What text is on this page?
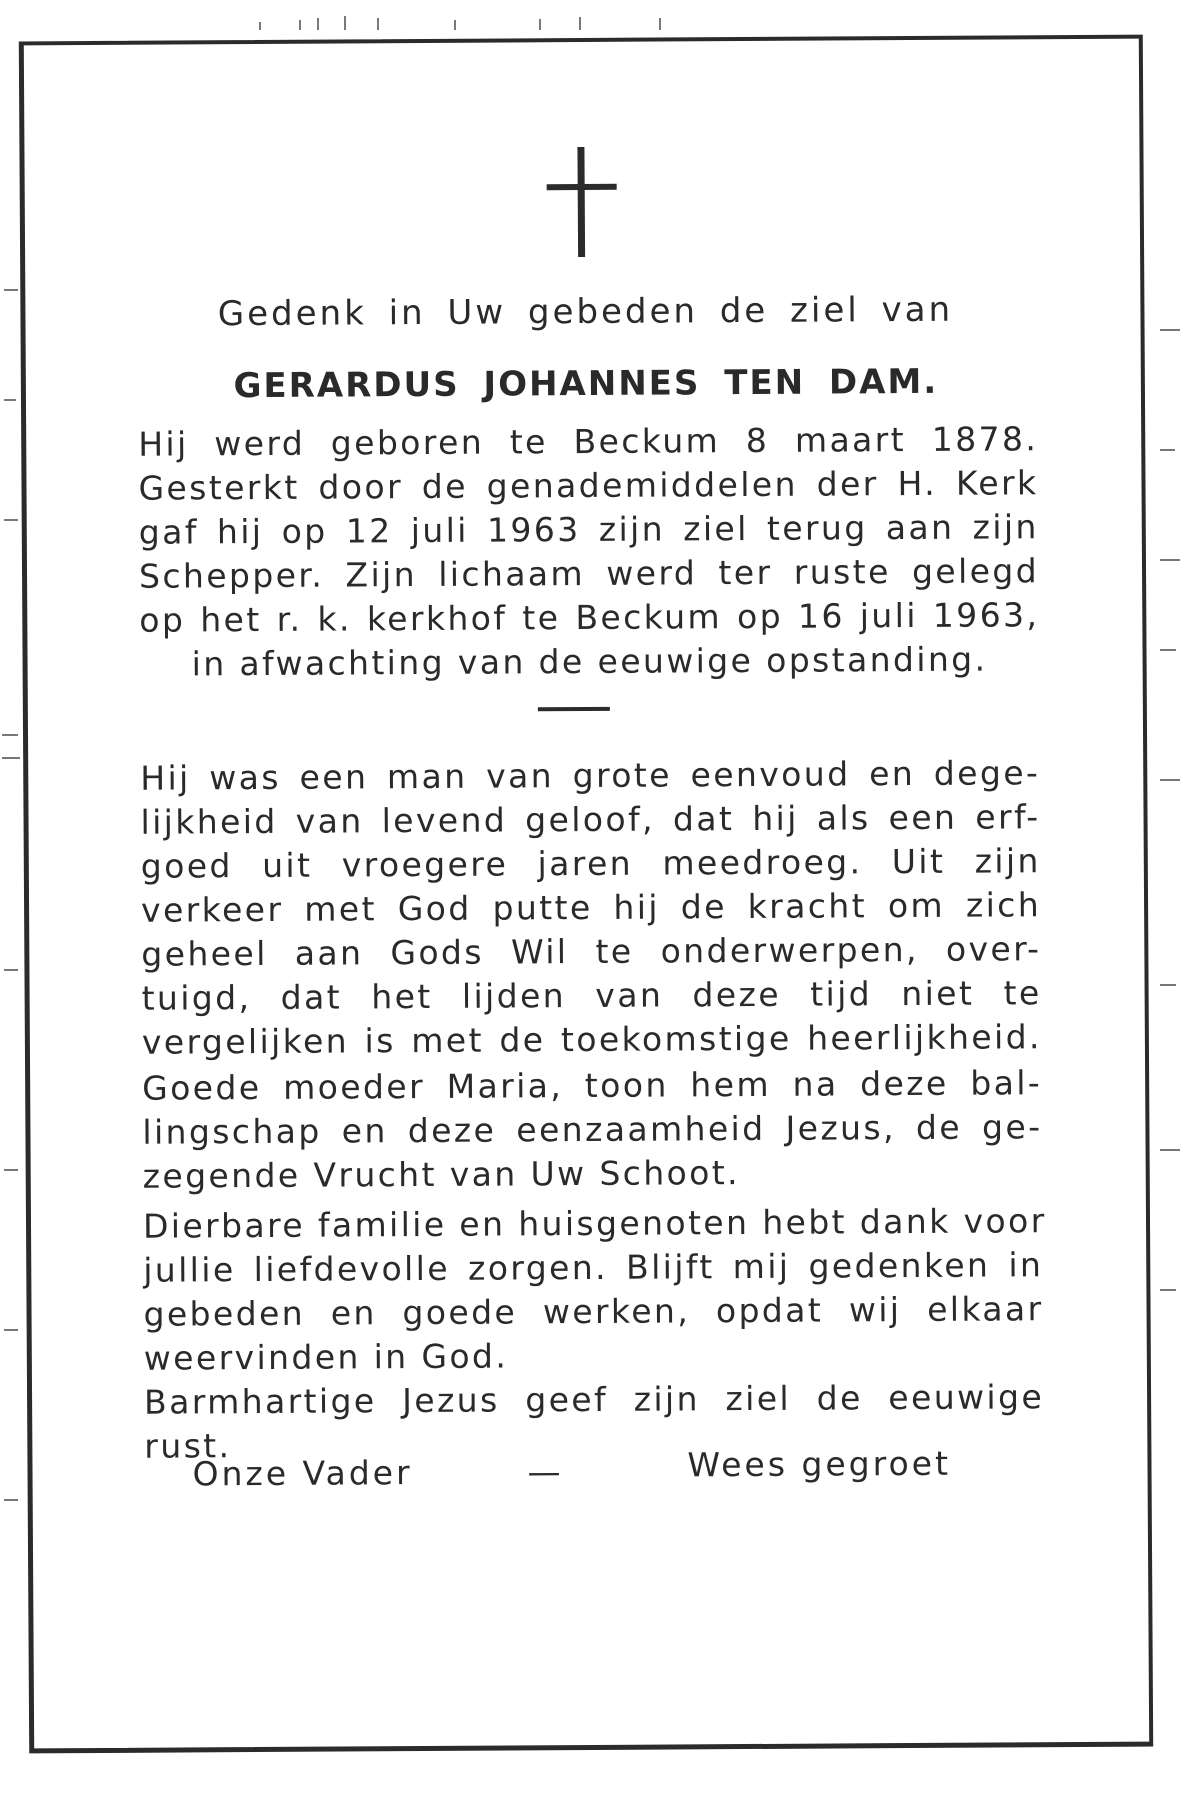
Gedenk in Uw gebeden de ziel van
GERARDUS JOHANNES TEN DAM.
Hij werd geboren te Beckum 8 maart 1878.
Gesterkt door de genademiddelen der H. Kerk
gaf hij op 12 juli 1963 zijn ziel terug aan zijn
Schepper. Zijn lichaam werd ter ruste gelegd
op het r. k. kerkhof te Beckum op 16 juli 1963,
in afwachting van de eeuwige opstanding.
Hij was een man van grote eenvoud en dege-
lijkheid van levend geloof, dat hij als een erf-
goed uit vroegere jaren meedroeg. Uit zijn
verkeer met God putte hij de kracht om zich
geheel aan Gods Wil te onderwerpen, over-
tuigd, dat het lijden van deze tijd niet te
vergelijken is met de toekomstige heerlijkheid.
Goede moeder Maria, toon hem na deze bal-
lingschap en deze eenzaamheid Jezus, de ge-
zegende Vrucht van Uw Schoot.
Dierbare familie en huisgenoten hebt dank voor
jullie liefdevolle zorgen. Blijft mij gedenken in
gebeden en goede werken, opdat wij elkaar
weervinden in God.
Barmhartige Jezus geef zijn ziel de eeuwige
rust.
Onze Vader	—	Wees gegroet
